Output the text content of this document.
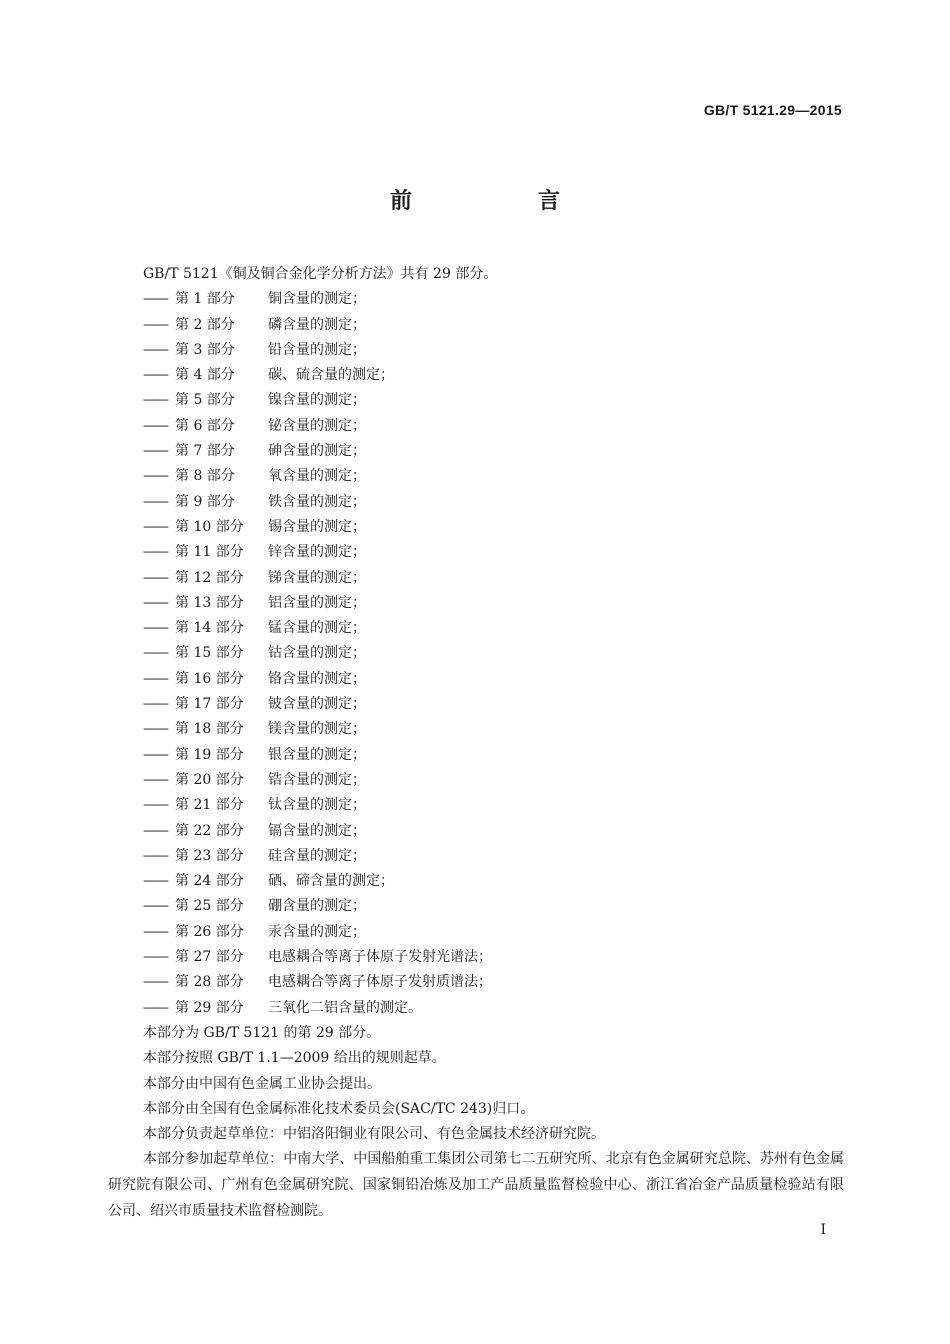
GB/T 5121.29—2015
前　言

GB/T 5121《铜及铜合金化学分析方法》共有 29 部分。

—— 第 1 部分 铜含量的测定；

—— 第 2 部分 磷含量的测定；

—— 第 3 部分 铅含量的测定；

—— 第 4 部分 碳、硫含量的测定；

—— 第 5 部分 镍含量的测定；

—— 第 6 部分 铋含量的测定；

—— 第 7 部分 砷含量的测定；

—— 第 8 部分 氧含量的测定；

—— 第 9 部分 铁含量的测定；

—— 第 10 部分 锡含量的测定；

—— 第 11 部分 锌含量的测定；

—— 第 12 部分 锑含量的测定；

—— 第 13 部分 铝含量的测定；

—— 第 14 部分 锰含量的测定；

—— 第 15 部分 钴含量的测定；

—— 第 16 部分 铬含量的测定；

—— 第 17 部分 铍含量的测定；

—— 第 18 部分 镁含量的测定；

—— 第 19 部分 银含量的测定；

—— 第 20 部分 锆含量的测定；

—— 第 21 部分 钛含量的测定；

—— 第 22 部分 镉含量的测定；

—— 第 23 部分 硅含量的测定；

—— 第 24 部分 硒、碲含量的测定；

—— 第 25 部分 硼含量的测定；

—— 第 26 部分 汞含量的测定；

—— 第 27 部分 电感耦合等离子体原子发射光谱法；

—— 第 28 部分 电感耦合等离子体原子发射质谱法；

—— 第 29 部分 三氧化二铝含量的测定。

本部分为 GB/T 5121 的第 29 部分。

本部分按照 GB/T 1.1—2009 给出的规则起草。

本部分由中国有色金属工业协会提出。

本部分由全国有色金属标准化技术委员会(SAC/TC 243)归口。

本部分负责起草单位：中铝洛阳铜业有限公司、有色金属技术经济研究院。

本部分参加起草单位：中南大学、中国船舶重工集团公司第七二五研究所、北京有色金属研究总院、苏州有色金属研究院有限公司、广州有色金属研究院、国家铜铅冶炼及加工产品质量监督检验中心、浙江省冶金产品质量检验站有限公司、绍兴市质量技术监督检测院。

I
